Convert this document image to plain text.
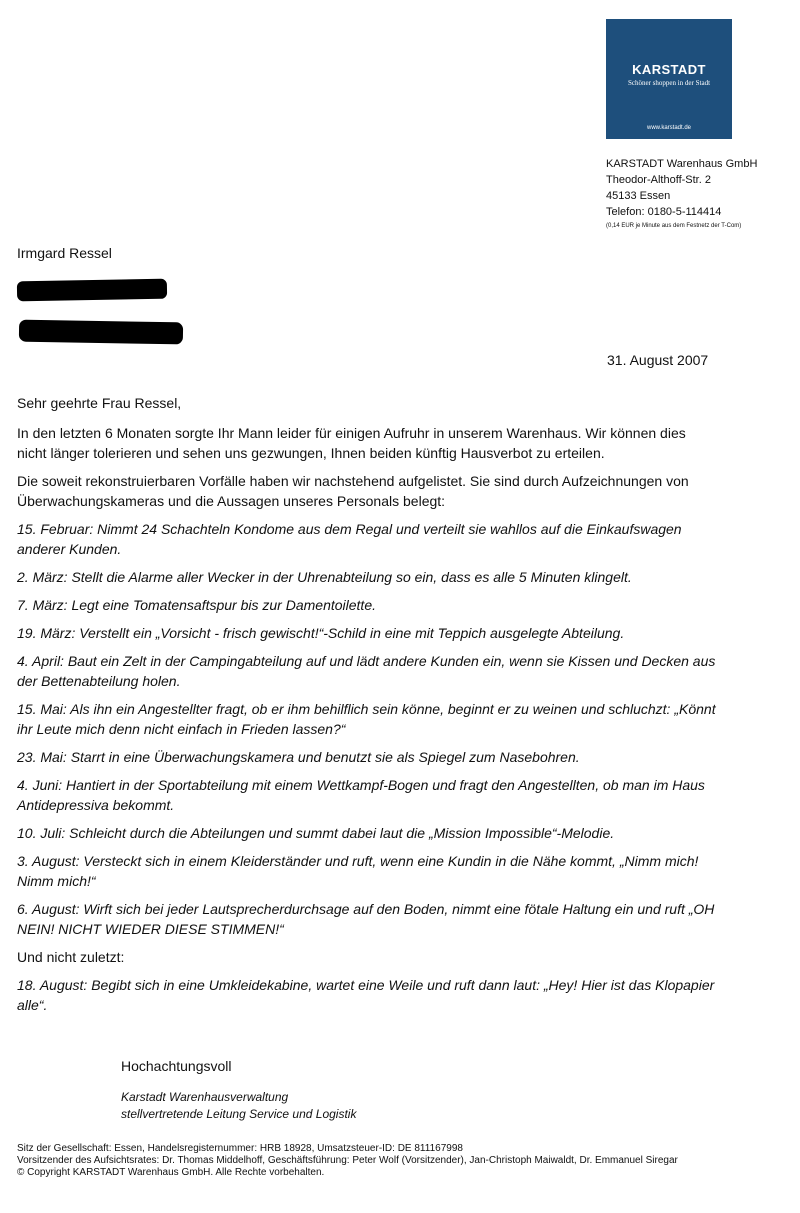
KARSTADT
Schöner shoppen in der Stadt
www.karstadt.de
KARSTADT Warenhaus GmbH
Theodor-Althoff-Str. 2
45133 Essen
Telefon: 0180-5-114414
(0,14 EUR je Minute aus dem Festnetz der T-Com)
Irmgard Ressel
31. August 2007

Sehr geehrte Frau Ressel,

In den letzten 6 Monaten sorgte Ihr Mann leider für einigen Aufruhr in unserem Warenhaus. Wir können dies nicht länger tolerieren und sehen uns gezwungen, Ihnen beiden künftig Hausverbot zu erteilen.

Die soweit rekonstruierbaren Vorfälle haben wir nachstehend aufgelistet. Sie sind durch Aufzeichnungen von Überwachungskameras und die Aussagen unseres Personals belegt:

15. Februar: Nimmt 24 Schachteln Kondome aus dem Regal und verteilt sie wahllos auf die Einkaufswagen anderer Kunden.

2. März: Stellt die Alarme aller Wecker in der Uhrenabteilung so ein, dass es alle 5 Minuten klingelt.

7. März: Legt eine Tomatensaftspur bis zur Damentoilette.

19. März: Verstellt ein „Vorsicht - frisch gewischt!“-Schild in eine mit Teppich ausgelegte Abteilung.

4. April: Baut ein Zelt in der Campingabteilung auf und lädt andere Kunden ein, wenn sie Kissen und Decken aus der Bettenabteilung holen.

15. Mai: Als ihn ein Angestellter fragt, ob er ihm behilflich sein könne, beginnt er zu weinen und schluchzt: „Könnt ihr Leute mich denn nicht einfach in Frieden lassen?“

23. Mai: Starrt in eine Überwachungskamera und benutzt sie als Spiegel zum Nasebohren.

4. Juni: Hantiert in der Sportabteilung mit einem Wettkampf-Bogen und fragt den Angestellten, ob man im Haus Antidepressiva bekommt.

10. Juli: Schleicht durch die Abteilungen und summt dabei laut die „Mission Impossible“-Melodie.

3. August: Versteckt sich in einem Kleiderständer und ruft, wenn eine Kundin in die Nähe kommt, „Nimm mich! Nimm mich!“

6. August: Wirft sich bei jeder Lautsprecherdurchsage auf den Boden, nimmt eine fötale Haltung ein und ruft „OH NEIN! NICHT WIEDER DIESE STIMMEN!“

Und nicht zuletzt:

18. August: Begibt sich in eine Umkleidekabine, wartet eine Weile und ruft dann laut: „Hey! Hier ist das Klopapier alle“.

Hochachtungsvoll
Karstadt Warenhausverwaltung
stellvertretende Leitung Service und Logistik
Sitz der Gesellschaft: Essen, Handelsregisternummer: HRB 18928, Umsatzsteuer-ID: DE 811167998
Vorsitzender des Aufsichtsrates: Dr. Thomas Middelhoff, Geschäftsführung: Peter Wolf (Vorsitzender), Jan-Christoph Maiwaldt, Dr. Emmanuel Siregar
© Copyright KARSTADT Warenhaus GmbH. Alle Rechte vorbehalten.
